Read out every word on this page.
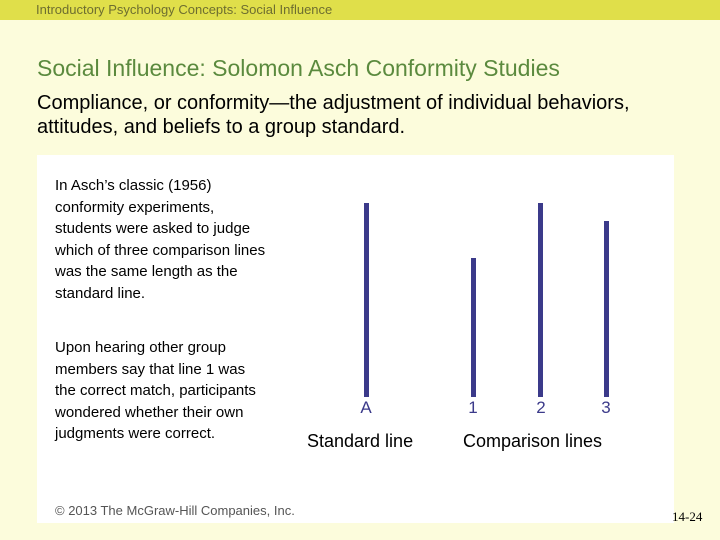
Introductory Psychology Concepts: Social Influence
Social Influence: Solomon Asch Conformity Studies
Compliance, or conformity—the adjustment of individual behaviors, attitudes, and beliefs to a group standard.
In Asch’s classic (1956) conformity experiments, students were asked to judge which of three comparison lines was the same length as the standard line.
Upon hearing other group members say that line 1 was the correct match, participants wondered whether their own judgments were correct.
A	1	2	3
Standard line	Comparison lines
© 2013 The McGraw-Hill Companies, Inc.	14-24
